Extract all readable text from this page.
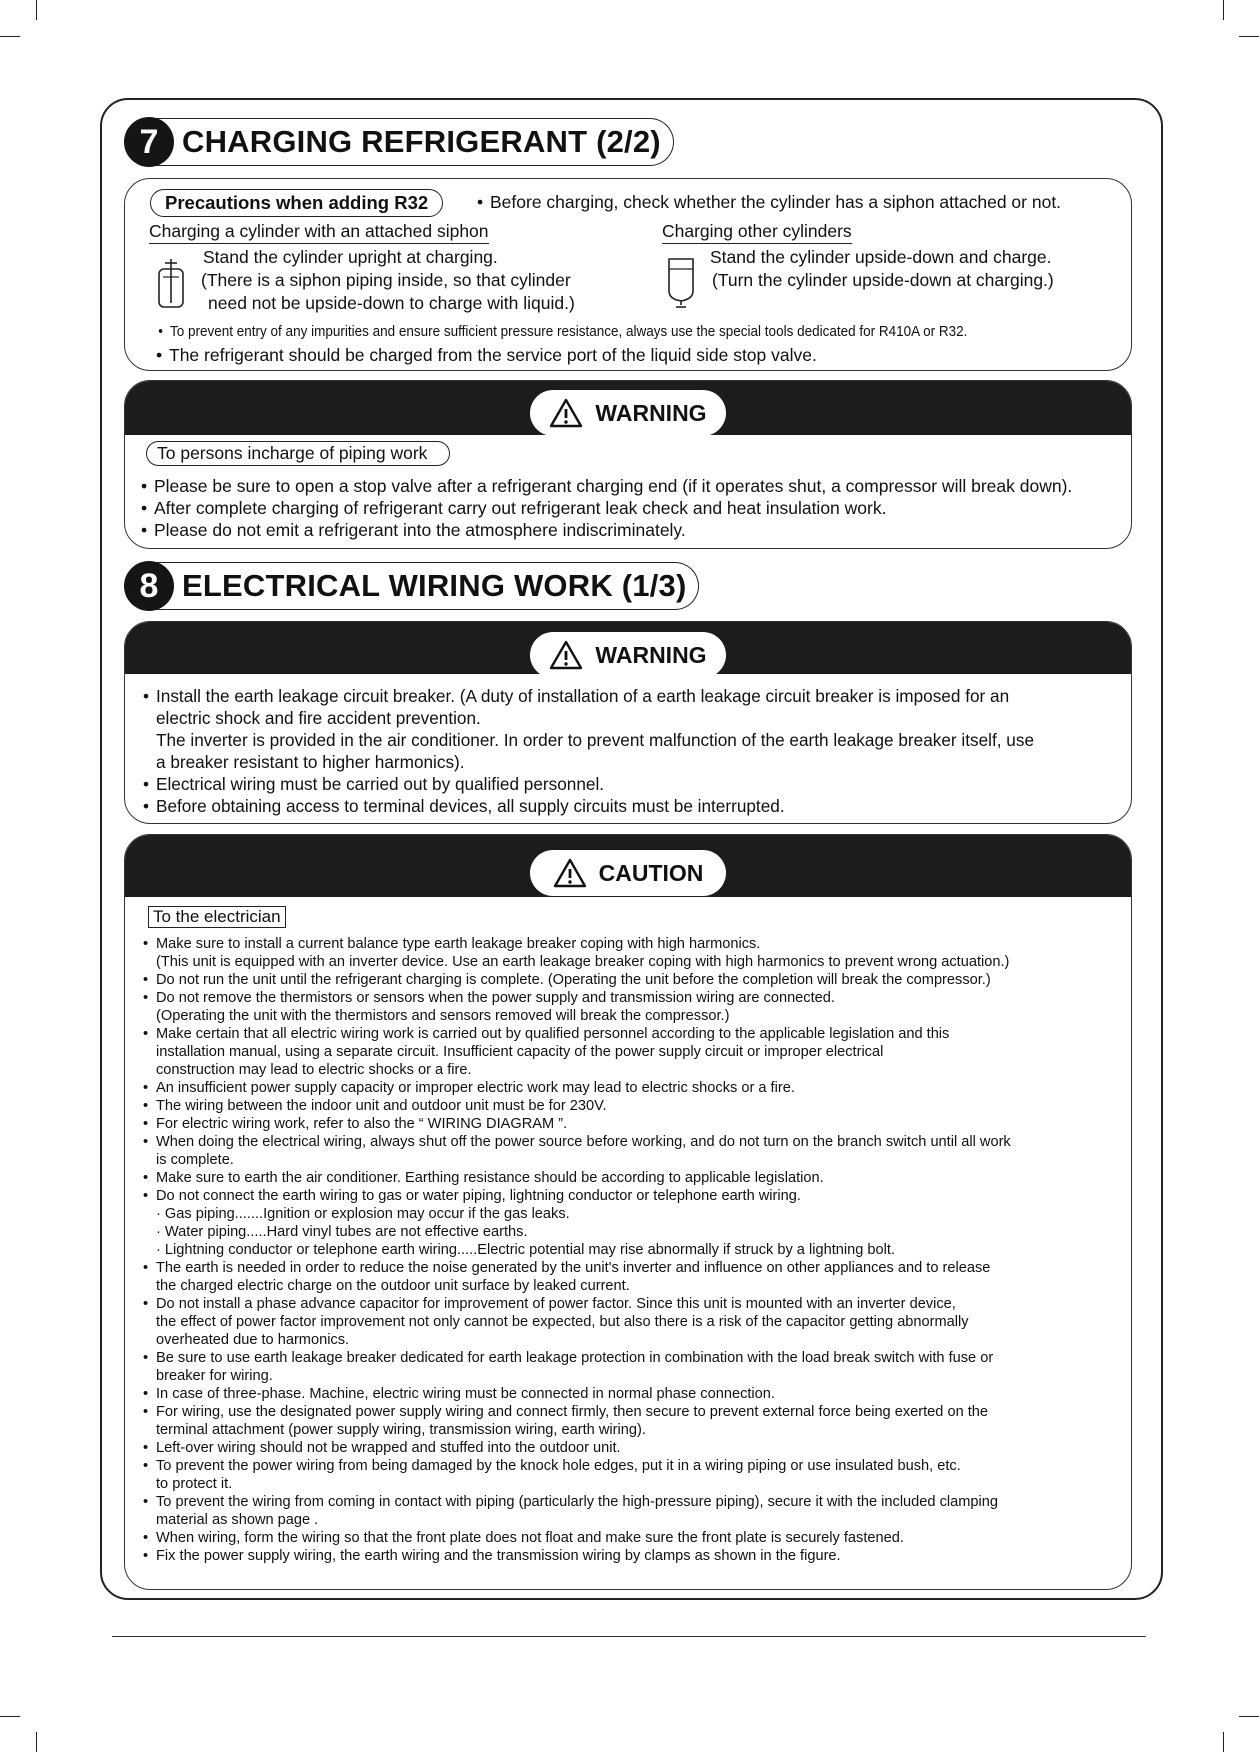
7 CHARGING REFRIGERANT (2/2)
Precautions when adding R32
•	Before charging, check whether the cylinder has a siphon attached or not.
Charging a cylinder with an attached siphon	Charging other cylinders
Stand the cylinder upright at charging.
(There is a siphon piping inside, so that cylinder
need not be upside-down to charge with liquid.)
Stand the cylinder upside-down and charge.
(Turn the cylinder upside-down at charging.)
• To prevent entry of any impurities and ensure sufficient pressure resistance, always use the special tools dedicated for R410A or R32.
• The refrigerant should be charged from the service port of the liquid side stop valve.
WARNING
To persons incharge of piping work
• Please be sure to open a stop valve after a refrigerant charging end (if it operates shut, a compressor will break down).
• After complete charging of refrigerant carry out refrigerant leak check and heat insulation work.
• Please do not emit a refrigerant into the atmosphere indiscriminately.
8 ELECTRICAL WIRING WORK (1/3)
WARNING
• Install the earth leakage circuit breaker. (A duty of installation of a earth leakage circuit breaker is imposed for an
electric shock and fire accident prevention.
The inverter is provided in the air conditioner. In order to prevent malfunction of the earth leakage breaker itself, use
a breaker resistant to higher harmonics).
• Electrical wiring must be carried out by qualified personnel.
• Before obtaining access to terminal devices, all supply circuits must be interrupted.
CAUTION
To the electrician
• Make sure to install a current balance type earth leakage breaker coping with high harmonics.
(This unit is equipped with an inverter device. Use an earth leakage breaker coping with high harmonics to prevent wrong actuation.)
• Do not run the unit until the refrigerant charging is complete. (Operating the unit before the completion will break the compressor.)
• Do not remove the thermistors or sensors when the power supply and transmission wiring are connected.
(Operating the unit with the thermistors and sensors removed will break the compressor.)
• Make certain that all electric wiring work is carried out by qualified personnel according to the applicable legislation and this
installation manual, using a separate circuit. Insufficient capacity of the power supply circuit or improper electrical
construction may lead to electric shocks or a fire.
• An insufficient power supply capacity or improper electric work may lead to electric shocks or a fire.
• The wiring between the indoor unit and outdoor unit must be for 230V.
• For electric wiring work, refer to also the “ WIRING DIAGRAM ”.
• When doing the electrical wiring, always shut off the power source before working, and do not turn on the branch switch until all work
is complete.
• Make sure to earth the air conditioner. Earthing resistance should be according to applicable legislation.
• Do not connect the earth wiring to gas or water piping, lightning conductor or telephone earth wiring.
· Gas piping.......Ignition or explosion may occur if the gas leaks.
· Water piping.....Hard vinyl tubes are not effective earths.
· Lightning conductor or telephone earth wiring.....Electric potential may rise abnormally if struck by a lightning bolt.
• The earth is needed in order to reduce the noise generated by the unit's inverter and influence on other appliances and to release
the charged electric charge on the outdoor unit surface by leaked current.
• Do not install a phase advance capacitor for improvement of power factor. Since this unit is mounted with an inverter device,
the effect of power factor improvement not only cannot be expected, but also there is a risk of the capacitor getting abnormally
overheated due to harmonics.
• Be sure to use earth leakage breaker dedicated for earth leakage protection in combination with the load break switch with fuse or
breaker for wiring.
• In case of three-phase. Machine, electric wiring must be connected in normal phase connection.
• For wiring, use the designated power supply wiring and connect firmly, then secure to prevent external force being exerted on the
terminal attachment (power supply wiring, transmission wiring, earth wiring).
• Left-over wiring should not be wrapped and stuffed into the outdoor unit.
• To prevent the power wiring from being damaged by the knock hole edges, put it in a wiring piping or use insulated bush, etc.
to protect it.
• To prevent the wiring from coming in contact with piping (particularly the high-pressure piping), secure it with the included clamping
material as shown page .
• When wiring, form the wiring so that the front plate does not float and make sure the front plate is securely fastened.
• Fix the power supply wiring, the earth wiring and the transmission wiring by clamps as shown in the figure.
